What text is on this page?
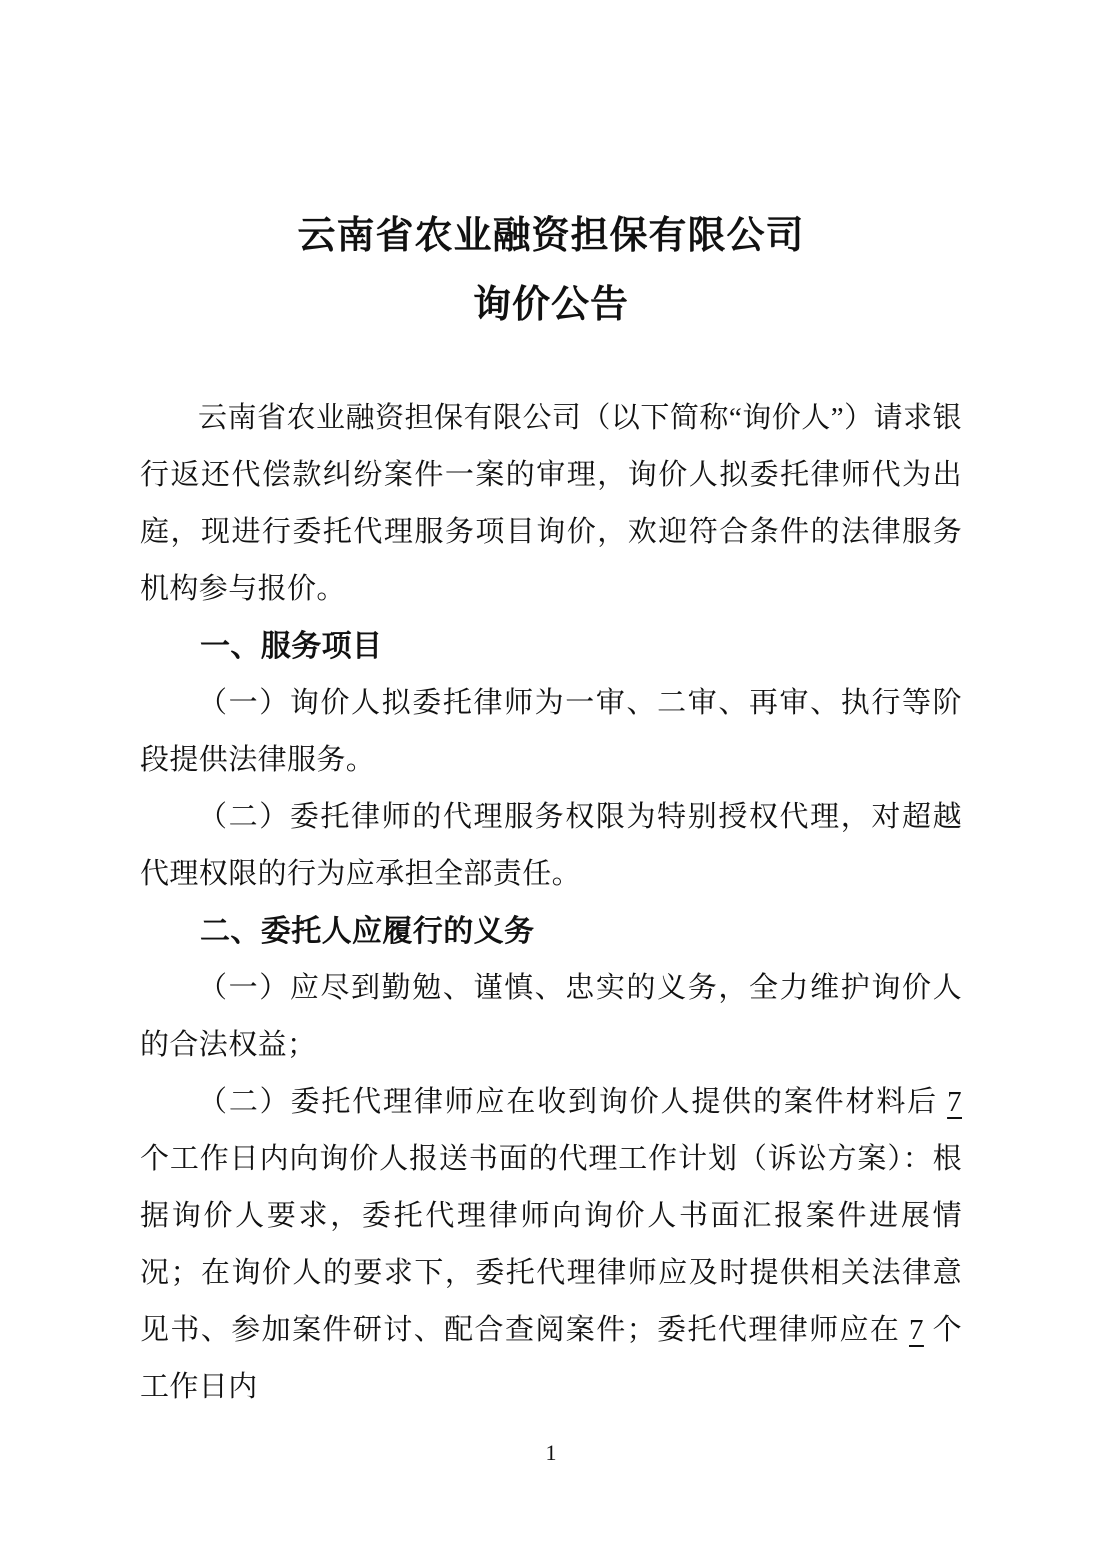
云南省农业融资担保有限公司
询价公告

云南省农业融资担保有限公司（以下简称“询价人”）请求银行返还代偿款纠纷案件一案的审理，询价人拟委托律师代为出庭，现进行委托代理服务项目询价，欢迎符合条件的法律服务机构参与报价。

一、服务项目

（一）询价人拟委托律师为一审、二审、再审、执行等阶段提供法律服务。

（二）委托律师的代理服务权限为特别授权代理，对超越代理权限的行为应承担全部责任。

二、委托人应履行的义务

（一）应尽到勤勉、谨慎、忠实的义务，全力维护询价人的合法权益；

（二）委托代理律师应在收到询价人提供的案件材料后 7 个工作日内向询价人报送书面的代理工作计划（诉讼方案）：根据询价人要求，委托代理律师向询价人书面汇报案件进展情况；在询价人的要求下，委托代理律师应及时提供相关法律意见书、参加案件研讨、配合查阅案件；委托代理律师应在 7 个工作日内

1
